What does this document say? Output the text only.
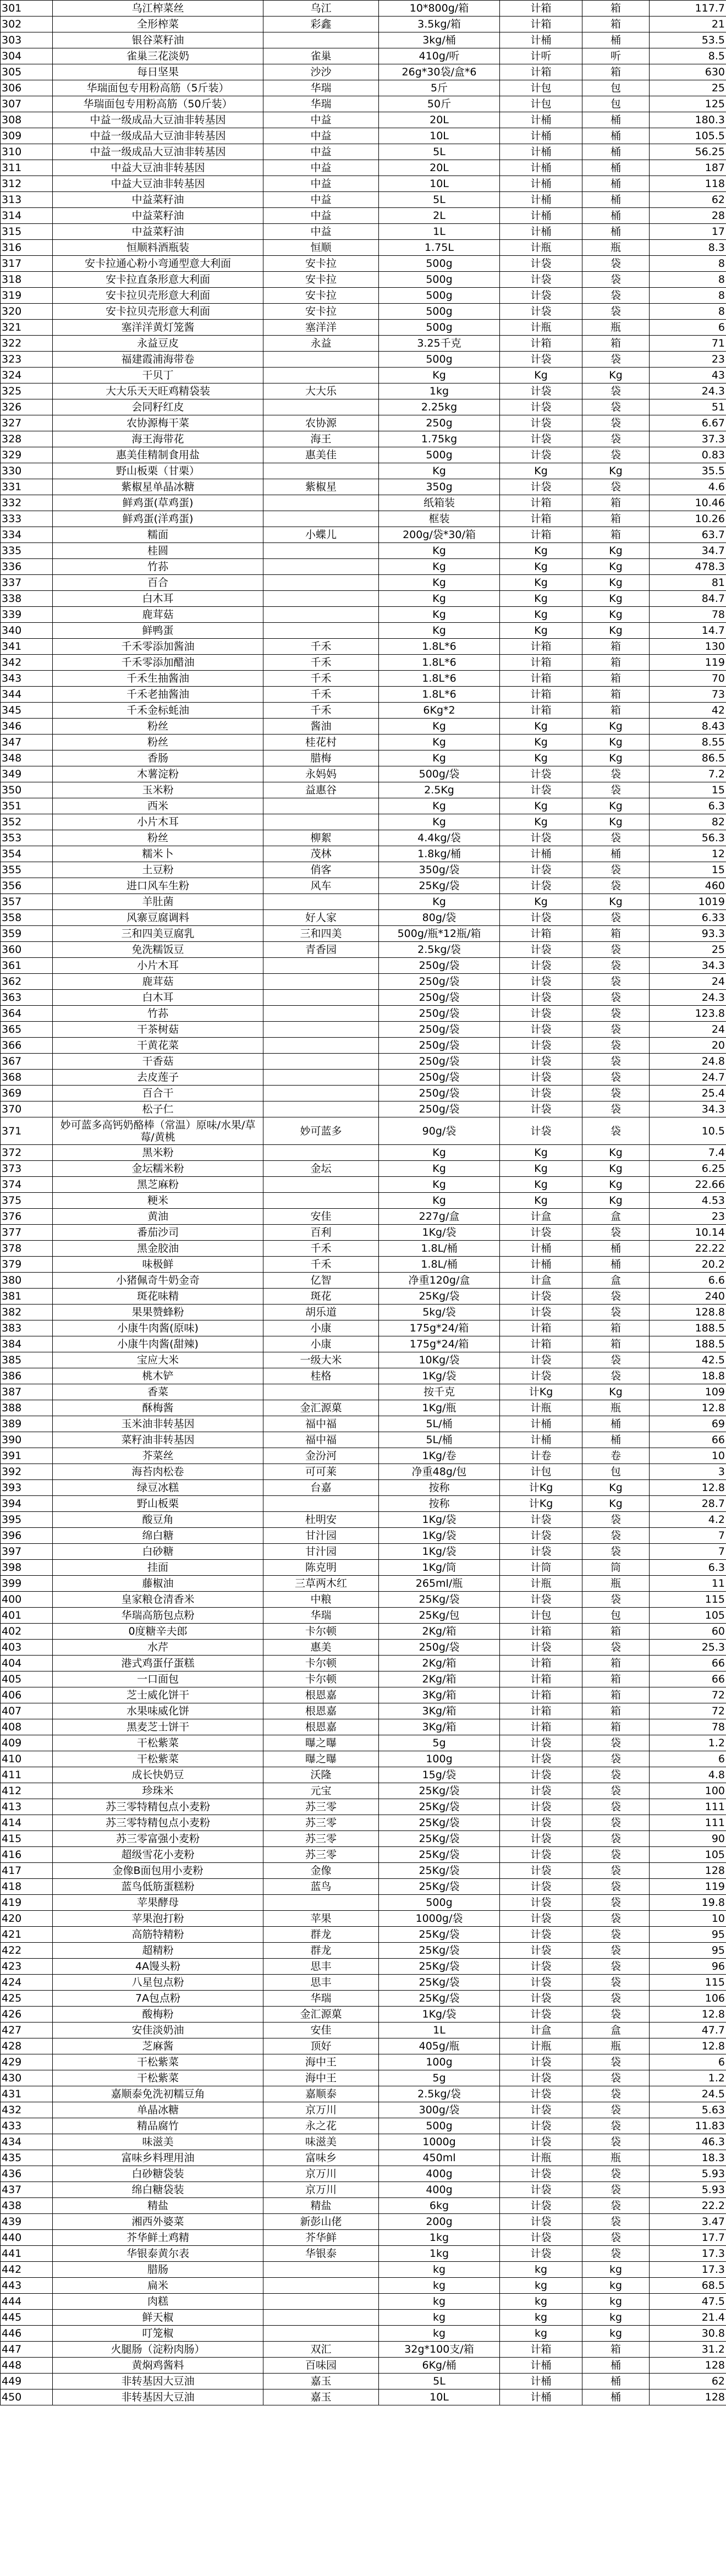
301	乌江榨菜丝	乌江	10*800g/箱	计箱	箱	117.7
302	全形榨菜	彩鑫	3.5kg/箱	计箱	箱	21
303	银谷菜籽油		3kg/桶	计桶	桶	53.5
304	雀巢三花淡奶	雀巢	410g/听	计听	听	8.5
305	每日坚果	沙沙	26g*30袋/盒*6	计箱	箱	630
306	华瑞面包专用粉高筋（5斤装）	华瑞	5斤	计包	包	25
307	华瑞面包专用粉高筋（50斤装）	华瑞	50斤	计包	包	125
308	中益一级成品大豆油非转基因	中益	20L	计桶	桶	180.3
309	中益一级成品大豆油非转基因	中益	10L	计桶	桶	105.5
310	中益一级成品大豆油非转基因	中益	5L	计桶	桶	56.25
311	中益大豆油非转基因	中益	20L	计桶	桶	187
312	中益大豆油非转基因	中益	10L	计桶	桶	118
313	中益菜籽油	中益	5L	计桶	桶	62
314	中益菜籽油	中益	2L	计桶	桶	28
315	中益菜籽油	中益	1L	计桶	桶	17
316	恒顺料酒瓶装	恒顺	1.75L	计瓶	瓶	8.3
317	安卡拉通心粉小弯通型意大利面	安卡拉	500g	计袋	袋	8
318	安卡拉直条形意大利面	安卡拉	500g	计袋	袋	8
319	安卡拉贝壳形意大利面	安卡拉	500g	计袋	袋	8
320	安卡拉贝壳形意大利面	安卡拉	500g	计袋	袋	8
321	塞洋洋黄灯笼酱	塞洋洋	500g	计瓶	瓶	6
322	永益豆皮	永益	3.25千克	计箱	箱	71
323	福建霞浦海带卷		500g	计袋	袋	23
324	干贝丁		Kg	Kg	Kg	43
325	大大乐天天旺鸡精袋装	大大乐	1kg	计袋	袋	24.3
326	会同籽红皮		2.25kg	计袋	袋	51
327	农协源梅干菜	农协源	250g	计袋	袋	6.67
328	海王海带花	海王	1.75kg	计袋	袋	37.3
329	惠美佳精制食用盐	惠美佳	500g	计袋	袋	0.83
330	野山板栗（甘栗）		Kg	Kg	Kg	35.5
331	紫椒星单晶冰糖	紫椒星	350g	计袋	袋	4.6
332	鲜鸡蛋(草鸡蛋)		纸箱装	计箱	箱	10.46
333	鲜鸡蛋(洋鸡蛋)		框装	计箱	箱	10.26
334	糯面	小蝶儿	200g/袋*30/箱	计箱	箱	63.7
335	桂圆		Kg	Kg	Kg	34.7
336	竹荪		Kg	Kg	Kg	478.3
337	百合		Kg	Kg	Kg	81
338	白木耳		Kg	Kg	Kg	84.7
339	鹿茸菇		Kg	Kg	Kg	78
340	鲜鸭蛋		Kg	Kg	Kg	14.7
341	千禾零添加酱油	千禾	1.8L*6	计箱	箱	130
342	千禾零添加醋油	千禾	1.8L*6	计箱	箱	119
343	千禾生抽酱油	千禾	1.8L*6	计箱	箱	70
344	千禾老抽酱油	千禾	1.8L*6	计箱	箱	73
345	千禾金标蚝油	千禾	6Kg*2	计箱	箱	42
346	粉丝	酱油	Kg	Kg	Kg	8.43
347	粉丝	桂花村	Kg	Kg	Kg	8.55
348	香肠	腊梅	Kg	Kg	Kg	86.5
349	木薯淀粉	永妈妈	500g/袋	计袋	袋	7.2
350	玉米粉	益惠谷	2.5Kg	计袋	袋	15
351	西米		Kg	Kg	Kg	6.3
352	小片木耳		Kg	Kg	Kg	82
353	粉丝	柳絮	4.4kg/袋	计袋	袋	56.3
354	糯米卜	茂林	1.8kg/桶	计桶	桶	12
355	土豆粉	俏客	350g/袋	计袋	袋	15
356	进口风车生粉	风车	25Kg/袋	计袋	袋	460
357	羊肚菌		Kg	Kg	Kg	1019
358	风寨豆腐调料	好人家	80g/袋	计袋	袋	6.33
359	三和四美豆腐乳	三和四美	500g/瓶*12瓶/箱	计箱	箱	93.3
360	免洗糯饭豆	青香园	2.5kg/袋	计袋	袋	25
361	小片木耳		250g/袋	计袋	袋	34.3
362	鹿茸菇		250g/袋	计袋	袋	24
363	白木耳		250g/袋	计袋	袋	24.3
364	竹荪		250g/袋	计袋	袋	123.8
365	干茶树菇		250g/袋	计袋	袋	24
366	干黄花菜		250g/袋	计袋	袋	20
367	干香菇		250g/袋	计袋	袋	24.8
368	去皮莲子		250g/袋	计袋	袋	24.7
369	百合干		250g/袋	计袋	袋	25.4
370	松子仁		250g/袋	计袋	袋	34.3
371	妙可蓝多高钙奶酪棒（常温）原味/水果/草莓/黄桃	妙可蓝多	90g/袋	计袋	袋	10.5
372	黑米粉		Kg	Kg	Kg	7.4
373	金坛糯米粉	金坛	Kg	Kg	Kg	6.25
374	黑芝麻粉		Kg	Kg	Kg	22.66
375	粳米		Kg	Kg	Kg	4.53
376	黄油	安佳	227g/盒	计盒	盒	23
377	番茄沙司	百利	1Kg/袋	计袋	袋	10.14
378	黑金胶油	千禾	1.8L/桶	计桶	桶	22.22
379	味极鲜	千禾	1.8L/桶	计桶	桶	20.2
380	小猪佩奇牛奶金奇	亿智	净重120g/盒	计盒	盒	6.6
381	斑花味精	斑花	25Kg/袋	计袋	袋	240
382	果果赞蜂粉	胡乐道	5kg/袋	计袋	袋	128.8
383	小康牛肉酱(原味)	小康	175g*24/箱	计箱	箱	188.5
384	小康牛肉酱(甜辣)	小康	175g*24/箱	计箱	箱	188.5
385	宝应大米	一级大米	10Kg/袋	计袋	袋	42.5
386	桃木铲	桂格	1Kg/袋	计袋	袋	18.8
387	香菜		按千克	计Kg	Kg	109
388	酥梅酱	金汇源菓	1Kg/瓶	计瓶	瓶	12.8
389	玉米油非转基因	福中福	5L/桶	计桶	桶	69
390	菜籽油非转基因	福中福	5L/桶	计桶	桶	66
391	芥菜丝	金汾河	1Kg/卷	计卷	卷	10
392	海苔肉松卷	可可莱	净重48g/包	计包	包	3
393	绿豆冰糕	台嘉	按称	计Kg	Kg	12.8
394	野山板栗		按称	计Kg	Kg	28.7
395	酸豆角	杜明安	1Kg/袋	计袋	袋	4.2
396	绵白糖	甘汁园	1Kg/袋	计袋	袋	7
397	白砂糖	甘汁园	1Kg/袋	计袋	袋	7
398	挂面	陈克明	1Kg/筒	计筒	筒	6.3
399	藤椒油	三草两木红	265ml/瓶	计瓶	瓶	11
400	皇家粮仓清香米	中粮	25Kg/袋	计袋	袋	115
401	华瑞高筋包点粉	华瑞	25Kg/包	计包	包	105
402	0度糖辛夫郎	卡尔顿	2Kg/箱	计箱	箱	60
403	水芹	惠美	250g/袋	计袋	袋	25.3
404	港式鸡蛋仔蛋糕	卡尔顿	2Kg/箱	计箱	箱	66
405	一口面包	卡尔顿	2Kg/箱	计箱	箱	66
406	芝士威化饼干	根恩嘉	3Kg/箱	计箱	箱	72
407	水果味威化饼	根恩嘉	3Kg/箱	计箱	箱	72
408	黑麦芝士饼干	根恩嘉	3Kg/箱	计箱	箱	78
409	干松紫菜	曝之曝	5g	计袋	袋	1.2
410	干松紫菜	曝之曝	100g	计袋	袋	6
411	成长快奶豆	沃隆	15g/袋	计袋	袋	4.8
412	珍珠米	元宝	25Kg/袋	计袋	袋	100
413	苏三零特精包点小麦粉	苏三零	25Kg/袋	计袋	袋	111
414	苏三零特精包点小麦粉	苏三零	25Kg/袋	计袋	袋	111
415	苏三零富强小麦粉	苏三零	25Kg/袋	计袋	袋	90
416	超级雪花小麦粉	苏三零	25Kg/袋	计袋	袋	105
417	金像B面包用小麦粉	金像	25Kg/袋	计袋	袋	128
418	蓝鸟低筋蛋糕粉	蓝鸟	25Kg/袋	计袋	袋	119
419	苹果酵母		500g	计袋	袋	19.8
420	苹果泡打粉	苹果	1000g/袋	计袋	袋	10
421	高筋特精粉	群龙	25Kg/袋	计袋	袋	95
422	超精粉	群龙	25Kg/袋	计袋	袋	95
423	4A馒头粉	思丰	25Kg/袋	计袋	袋	96
424	八星包点粉	思丰	25Kg/袋	计袋	袋	115
425	7A包点粉	华瑞	25Kg/袋	计袋	袋	106
426	酸梅粉	金汇源菓	1Kg/袋	计袋	袋	12.8
427	安佳淡奶油	安佳	1L	计盒	盒	47.7
428	芝麻酱	顶好	405g/瓶	计瓶	瓶	12.8
429	干松紫菜	海中王	100g	计袋	袋	6
430	干松紫菜	海中王	5g	计袋	袋	1.2
431	嘉顺泰免洗初糯豆角	嘉顺泰	2.5kg/袋	计袋	袋	24.5
432	单晶冰糖	京万川	300g/袋	计袋	袋	5.63
433	精品腐竹	永之花	500g	计袋	袋	11.83
434	味滋美	味滋美	1000g	计袋	袋	46.3
435	富味乡料理用油	富味乡	450ml	计瓶	瓶	18.3
436	白砂糖袋装	京万川	400g	计袋	袋	5.93
437	绵白糖袋装	京万川	400g	计袋	袋	5.93
438	精盐	精盐	6kg	计袋	袋	22.2
439	湘西外婆菜	新彭山佬	200g	计袋	袋	3.47
440	芥华鲜土鸡精	芥华鲜	1kg	计袋	袋	17.7
441	华银泰黄尔表	华银泰	1kg	计袋	袋	17.3
442	腊肠		kg	kg	kg	17.3
443	扁米		kg	kg	kg	68.5
444	肉糕		kg	kg	kg	47.5
445	鲜天椒		kg	kg	kg	21.4
446	叮笼椒		kg	kg	kg	30.8
447	火腿肠（淀粉肉肠）	双汇	32g*100支/箱	计箱	箱	31.2
448	黄焖鸡酱料	百味园	6Kg/桶	计桶	桶	128
449	非转基因大豆油	嘉玉	5L	计桶	桶	62
450	非转基因大豆油	嘉玉	10L	计桶	桶	128
